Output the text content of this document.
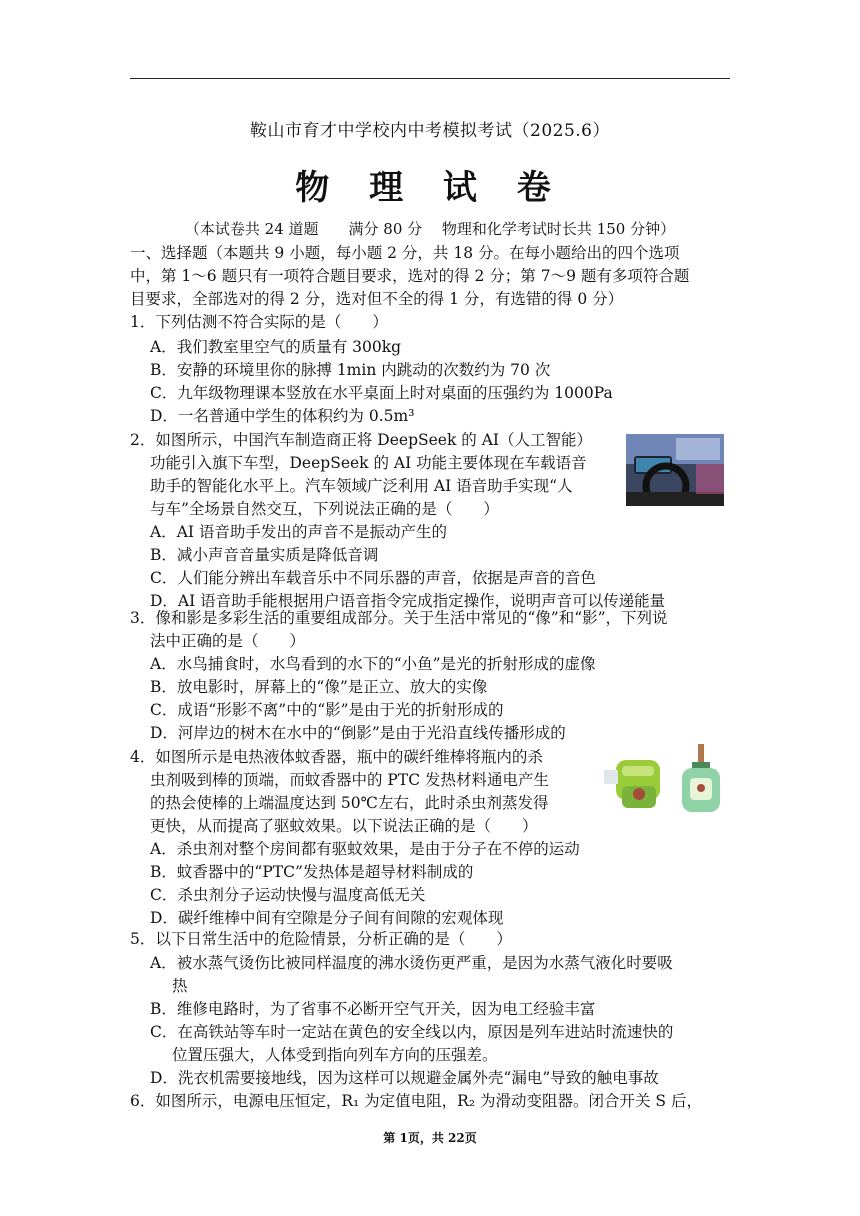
鞍山市育才中学校内中考模拟考试（2025.6）
物 理 试 卷
（本试卷共 24 道题　　满分 80 分　 物理和化学考试时长共 150 分钟）
一、选择题（本题共 9 小题，每小题 2 分，共 18 分。在每小题给出的四个选项
中，第 1～6 题只有一项符合题目要求，选对的得 2 分；第 7～9 题有多项符合题
目要求，全部选对的得 2 分，选对但不全的得 1 分，有选错的得 0 分）
1．下列估测不符合实际的是（　　）
A．我们教室里空气的质量有 300kg
B．安静的环境里你的脉搏 1min 内跳动的次数约为 70 次
C．九年级物理课本竖放在水平桌面上时对桌面的压强约为 1000Pa
D．一名普通中学生的体积约为 0.5m³
2．如图所示，中国汽车制造商正将 DeepSeek 的 AI（人工智能）
功能引入旗下车型，DeepSeek 的 AI 功能主要体现在车载语音
助手的智能化水平上。汽车领域广泛利用 AI 语音助手实现“人
与车”全场景自然交互，下列说法正确的是（　　）
A．AI 语音助手发出的声音不是振动产生的
B．减小声音音量实质是降低音调
C．人们能分辨出车载音乐中不同乐器的声音，依据是声音的音色
D．AI 语音助手能根据用户语音指令完成指定操作，说明声音可以传递能量
3．像和影是多彩生活的重要组成部分。关于生活中常见的“像”和“影”，下列说
法中正确的是（　　）
A．水鸟捕食时，水鸟看到的水下的“小鱼”是光的折射形成的虚像
B．放电影时，屏幕上的“像”是正立、放大的实像
C．成语“形影不离”中的“影”是由于光的折射形成的
D．河岸边的树木在水中的“倒影”是由于光沿直线传播形成的
4．如图所示是电热液体蚊香器，瓶中的碳纤维棒将瓶内的杀
虫剂吸到棒的顶端，而蚊香器中的 PTC 发热材料通电产生
的热会使棒的上端温度达到 50℃左右，此时杀虫剂蒸发得
更快，从而提高了驱蚊效果。以下说法正确的是（　　）
A．杀虫剂对整个房间都有驱蚊效果，是由于分子在不停的运动
B．蚊香器中的“PTC”发热体是超导材料制成的
C．杀虫剂分子运动快慢与温度高低无关
D．碳纤维棒中间有空隙是分子间有间隙的宏观体现
5．以下日常生活中的危险情景，分析正确的是（　　）
A．被水蒸气烫伤比被同样温度的沸水烫伤更严重，是因为水蒸气液化时要吸
热
B．维修电路时，为了省事不必断开空气开关，因为电工经验丰富
C．在高铁站等车时一定站在黄色的安全线以内，原因是列车进站时流速快的
位置压强大，人体受到指向列车方向的压强差。
D．洗衣机需要接地线，因为这样可以规避金属外壳“漏电”导致的触电事故
6．如图所示，电源电压恒定，R₁ 为定值电阻，R₂ 为滑动变阻器。闭合开关 S 后，
第 1页，共 22页
